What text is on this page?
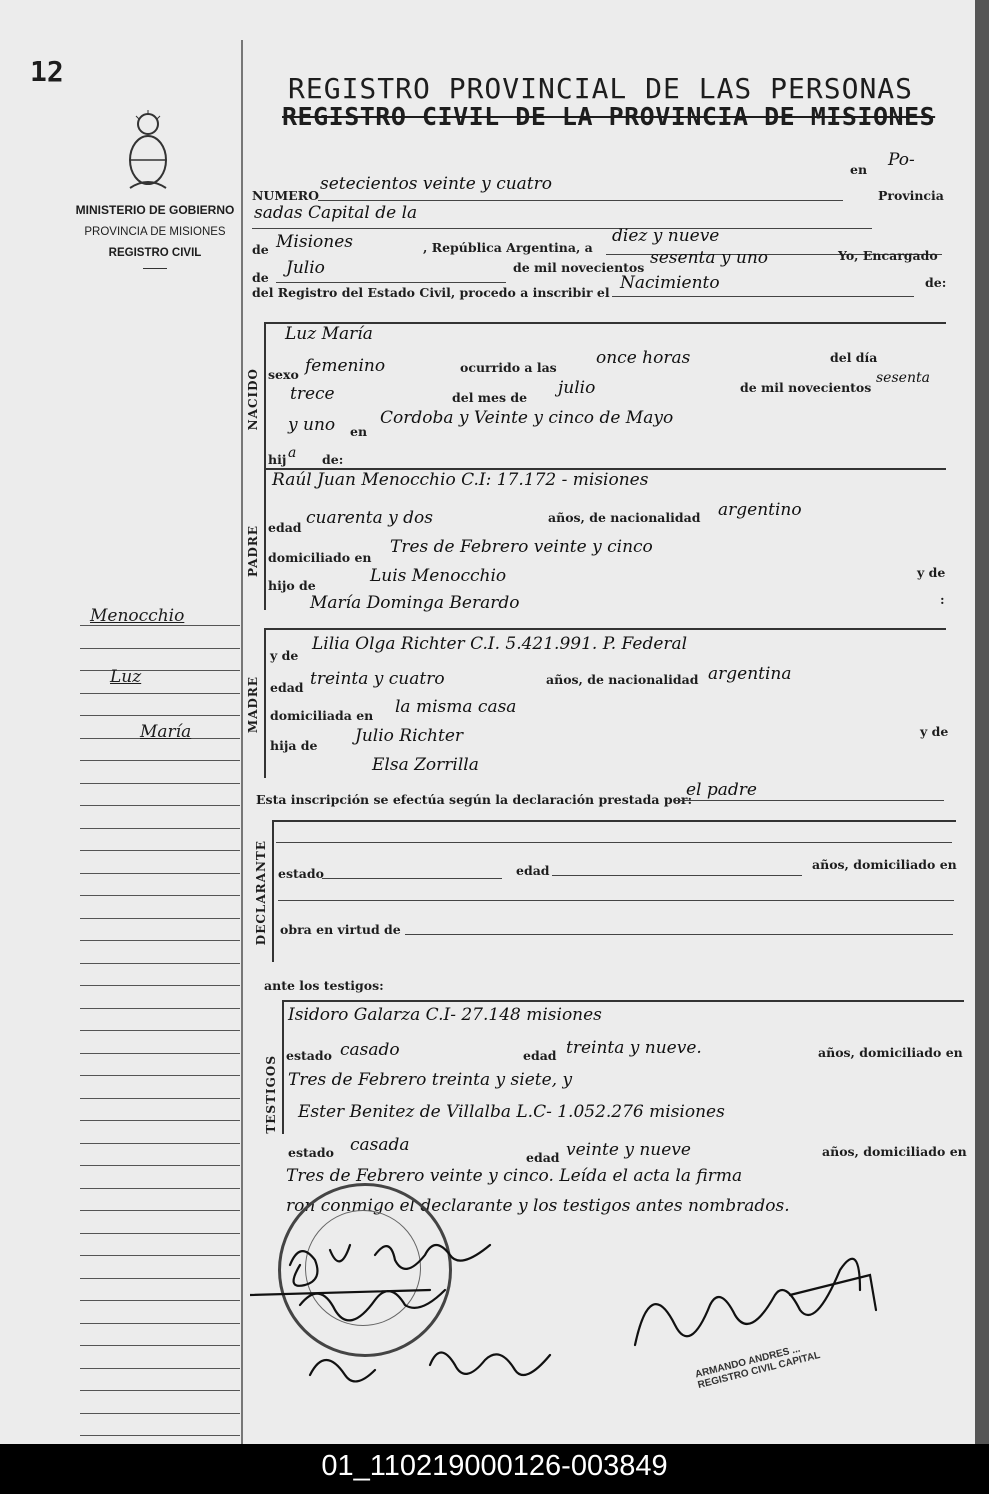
12
MINISTERIO DE GOBIERNO
PROVINCIA DE MISIONES
REGISTRO CIVIL
REGISTRO PROVINCIAL DE LAS PERSONAS
REGISTRO CIVIL DE LA PROVINCIA DE MISIONES
NUMERO
setecientos veinte y cuatro
en Po-
Provincia
sadas Capital de la
de Misiones	, República Argentina, a
diez y nueve
de Julio	de mil novecientos sesenta y uno	Yo, Encargado
del Registro del Estado Civil, procedo a inscribir el Nacimiento	de:
NACIDO
Luz María
sexo femenino	ocurrido a las once horas	del día
trece	del mes de julio	de mil novecientos
sesenta
y uno en
Cordoba y Veinte y cinco de Mayo
hij a de:
PADRE
Raúl Juan Menocchio C.I: 17.172 - misiones
edad cuarenta y dos	años, de nacionalidad argentino
domiciliado en
Tres de Febrero veinte y cinco
hijo de	Luis Menocchio	y de
María Dominga Berardo	:
MADRE
y de
Lilia Olga Richter C.I. 5.421.991. P. Federal
edad treinta y cuatro	años, de nacionalidad argentina
domiciliada en la misma casa
hija de Julio Richter	y de
Elsa Zorrilla
Esta inscripción se efectúa según la declaración prestada por:
el padre
DECLARANTE estado	edad	años, domiciliado en
obra en virtud de
ante los testigos:
TESTIGOS
Isidoro Galarza C.I- 27.148 misiones
estado casado	edad treinta y nueve.	años, domiciliado en
Tres de Febrero treinta y siete, y
Ester Benitez de Villalba L.C- 1.052.276 misiones
estado casada
edad veinte y nueve	años, domiciliado en
Tres de Febrero veinte y cinco. Leída el acta la firma
ron conmigo el declarante y los testigos antes nombrados.
Menocchio
Luz
María
ARMANDO ANDRES ... REGISTRO CIVIL CAPITAL
01_110219000126-003849
